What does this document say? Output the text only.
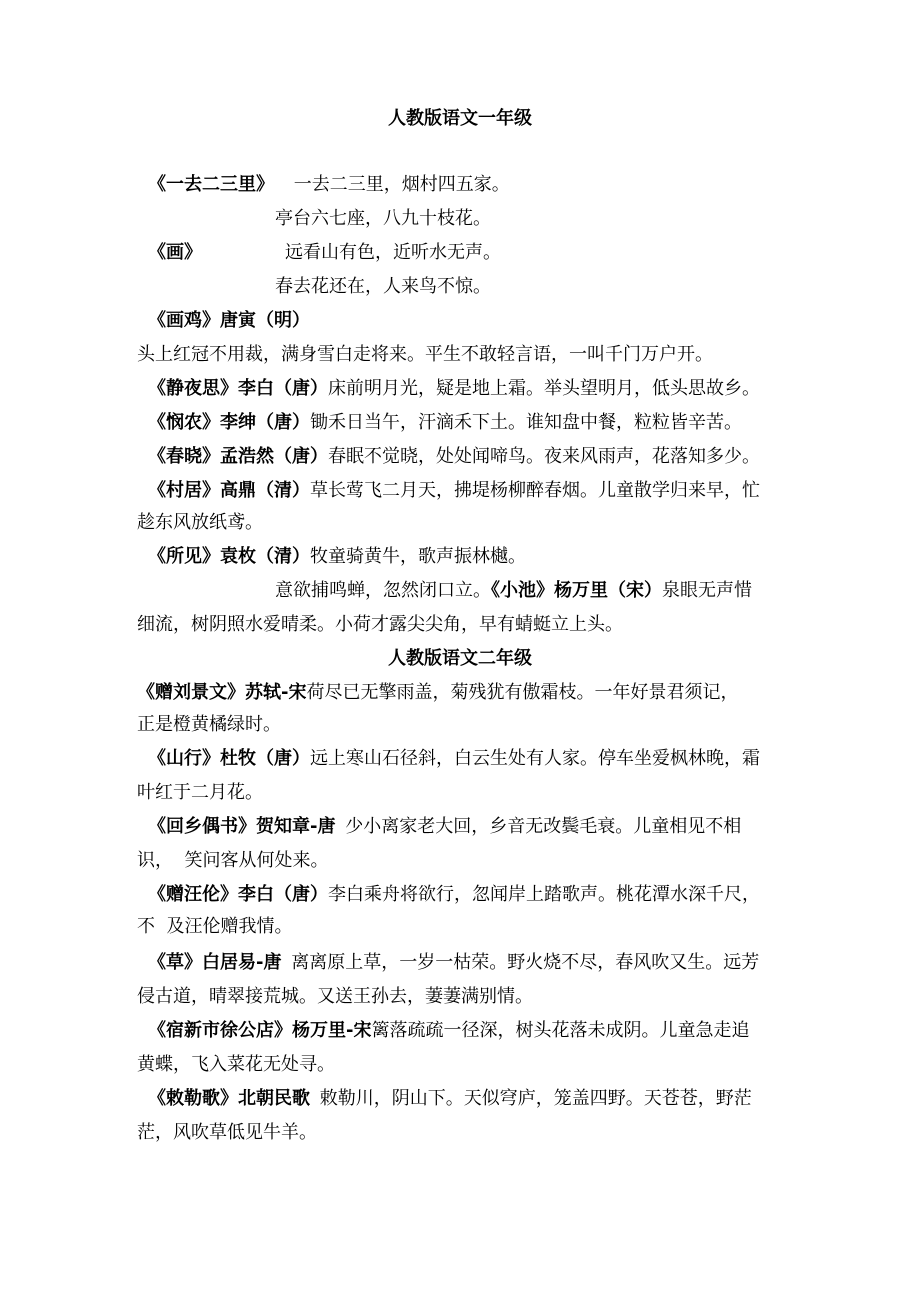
人教版语文一年级
《一去二三里》 一去二三里，烟村四五家。
亭台六七座，八九十枝花。
《画》	远看山有色，近听水无声。
春去花还在，人来鸟不惊。
《画鸡》唐寅（明）
头上红冠不用裁，满身雪白走将来。平生不敢轻言语，一叫千门万户开。
《静夜思》李白（唐）床前明月光，疑是地上霜。举头望明月，低头思故乡。
《悯农》李绅（唐）锄禾日当午，汗滴禾下土。谁知盘中餐，粒粒皆辛苦。
《春晓》孟浩然（唐）春眠不觉晓，处处闻啼鸟。夜来风雨声，花落知多少。
《村居》高鼎（清）草长莺飞二月天，拂堤杨柳醉春烟。儿童散学归来早，忙
趁东风放纸鸢。
《所见》袁枚（清）牧童骑黄牛，歌声振林樾。
意欲捕鸣蝉，忽然闭口立。《小池》杨万里（宋）泉眼无声惜
细流，树阴照水爱晴柔。小荷才露尖尖角，早有蜻蜓立上头。
人教版语文二年级
《赠刘景文》苏轼-宋荷尽已无擎雨盖，菊残犹有傲霜枝。一年好景君须记，
正是橙黄橘绿时。
《山行》杜牧（唐）远上寒山石径斜，白云生处有人家。停车坐爱枫林晚，霜
叶红于二月花。
《回乡偶书》贺知章-唐 少小离家老大回，乡音无改鬓毛衰。儿童相见不相
识，  笑问客从何处来。
《赠汪伦》李白（唐）李白乘舟将欲行，忽闻岸上踏歌声。桃花潭水深千尺，
不  及汪伦赠我情。
《草》白居易-唐 离离原上草，一岁一枯荣。野火烧不尽，春风吹又生。远芳
侵古道，晴翠接荒城。又送王孙去，萋萋满别情。
《宿新市徐公店》杨万里-宋篱落疏疏一径深，树头花落未成阴。儿童急走追
黄蝶，飞入菜花无处寻。
《敕勒歌》北朝民歌 敕勒川，阴山下。天似穹庐，笼盖四野。天苍苍，野茫
茫，风吹草低见牛羊。
